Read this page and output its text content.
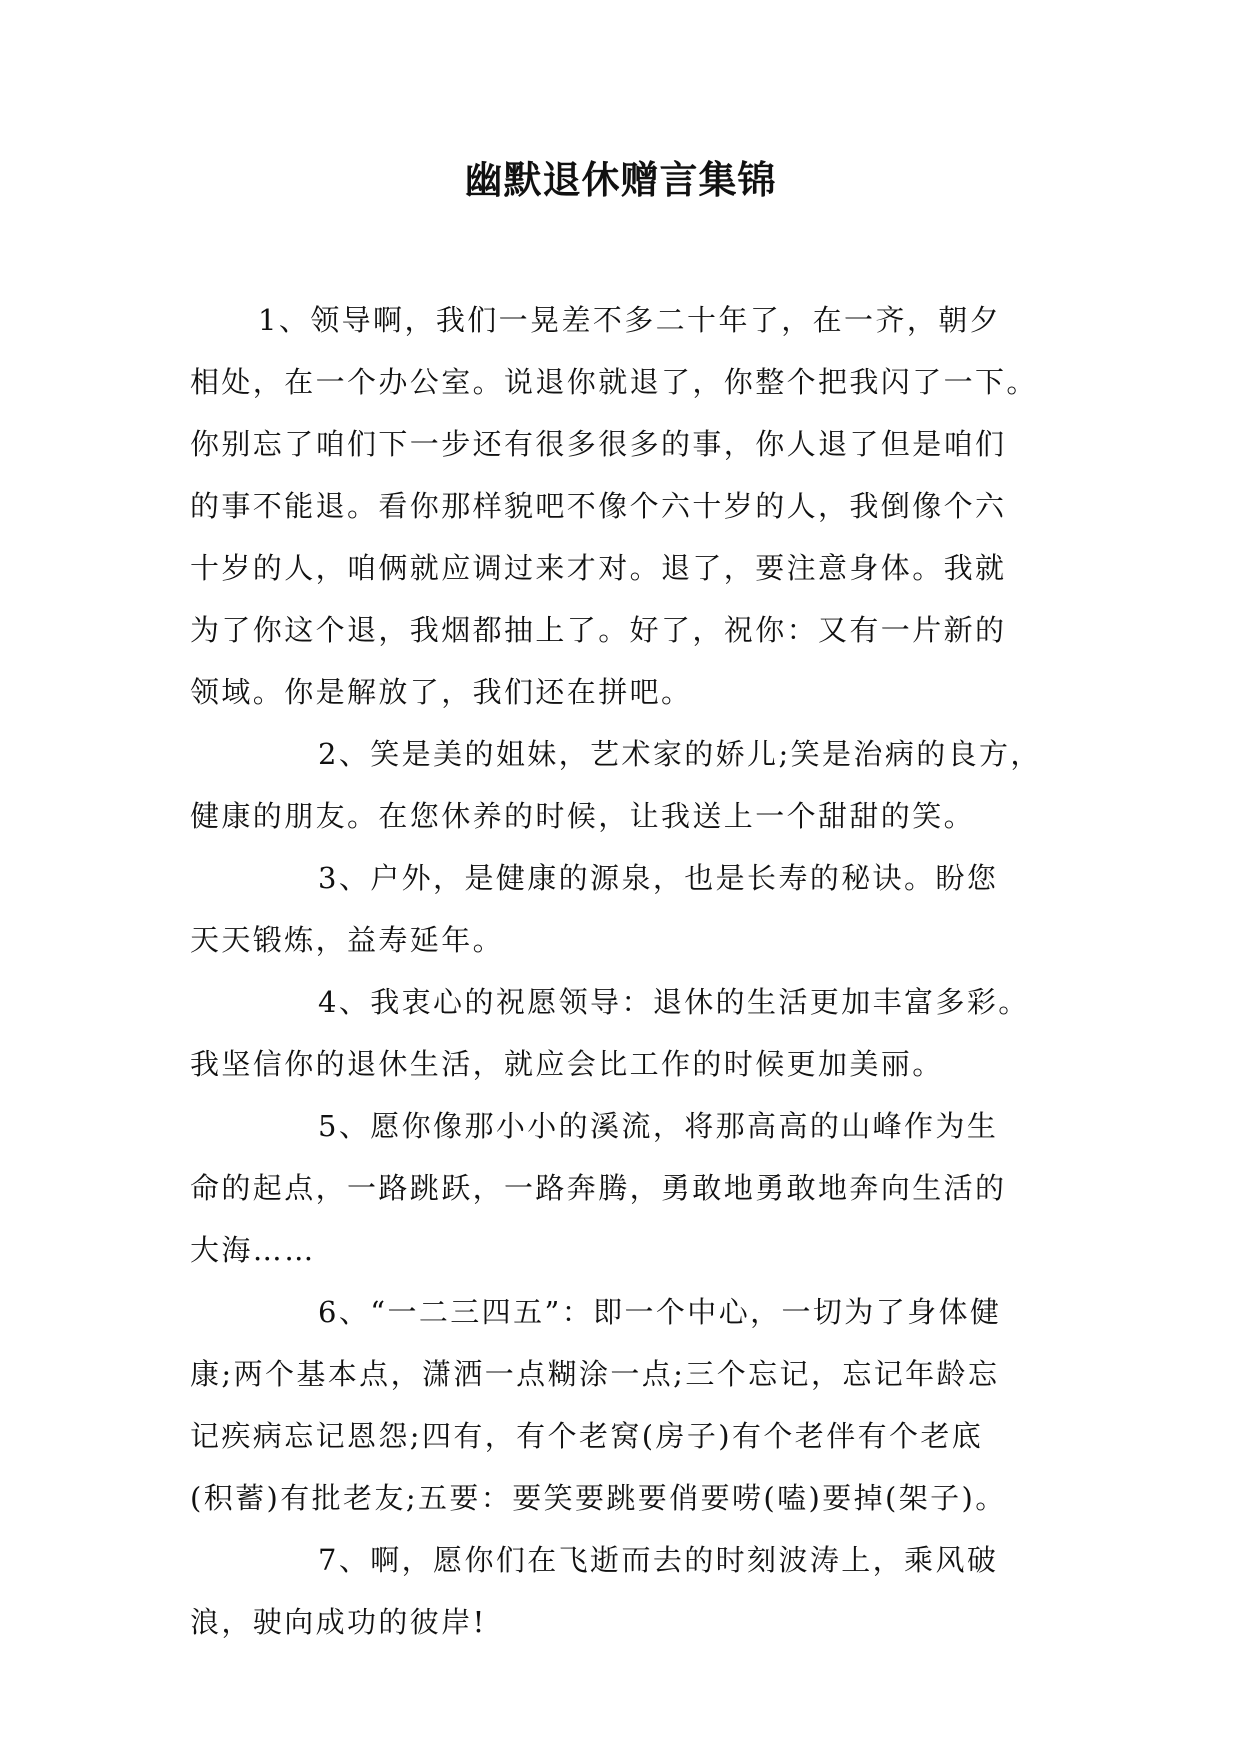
幽默退休赠言集锦
1、领导啊，我们一晃差不多二十年了，在一齐，朝夕
相处，在一个办公室。说退你就退了，你整个把我闪了一下。
你别忘了咱们下一步还有很多很多的事，你人退了但是咱们
的事不能退。看你那样貌吧不像个六十岁的人，我倒像个六
十岁的人，咱俩就应调过来才对。退了，要注意身体。我就
为了你这个退，我烟都抽上了。好了，祝你：又有一片新的
领域。你是解放了，我们还在拼吧。
2、笑是美的姐妹，艺术家的娇儿;笑是治病的良方，
健康的朋友。在您休养的时候，让我送上一个甜甜的笑。
3、户外，是健康的源泉，也是长寿的秘诀。盼您
天天锻炼，益寿延年。
4、我衷心的祝愿领导：退休的生活更加丰富多彩。
我坚信你的退休生活，就应会比工作的时候更加美丽。
5、愿你像那小小的溪流，将那高高的山峰作为生
命的起点，一路跳跃，一路奔腾，勇敢地勇敢地奔向生活的
大海……
6、“一二三四五”：即一个中心，一切为了身体健
康;两个基本点，潇洒一点糊涂一点;三个忘记，忘记年龄忘
记疾病忘记恩怨;四有，有个老窝(房子)有个老伴有个老底
(积蓄)有批老友;五要：要笑要跳要俏要唠(嗑)要掉(架子)。
7、啊，愿你们在飞逝而去的时刻波涛上，乘风破
浪，驶向成功的彼岸!
